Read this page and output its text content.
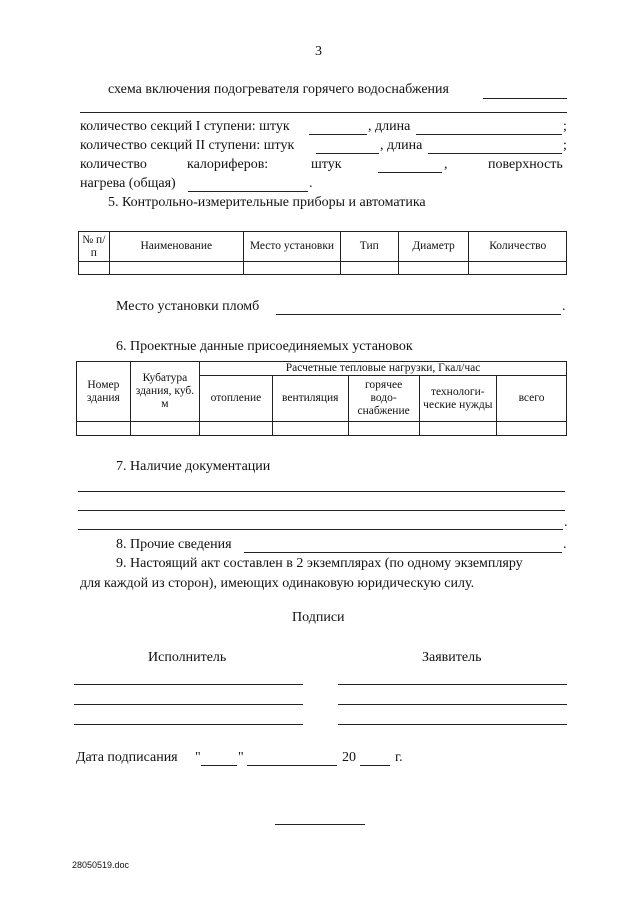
3
схема включения подогревателя горячего водоснабжения
количество секций I ступени: штук	, длина	;
количество секций II ступени: штук	, длина	;
количество	калориферов:	штук	,	поверхность
нагрева (общая)	.
5. Контрольно-измерительные приборы и автоматика
№ п/п	Наименование	Место установки	Тип	Диаметр	Количество

Место установки пломб	.
6. Проектные данные присоединяемых установок
Номер здания	Кубатура здания, куб. м	Расчетные тепловые нагрузки, Гкал/час				
		отопление	вентиляция	горячее водо-снабжение	технологи-ческие нужды	всего

7. Наличие документации
.
8. Прочие сведения	.
9. Настоящий акт составлен в 2 экземплярах (по одному экземпляру
для каждой из сторон), имеющих одинаковую юридическую силу.
Подписи
Исполнитель	Заявитель
Дата подписания "	"	20	г.
28050519.doc
